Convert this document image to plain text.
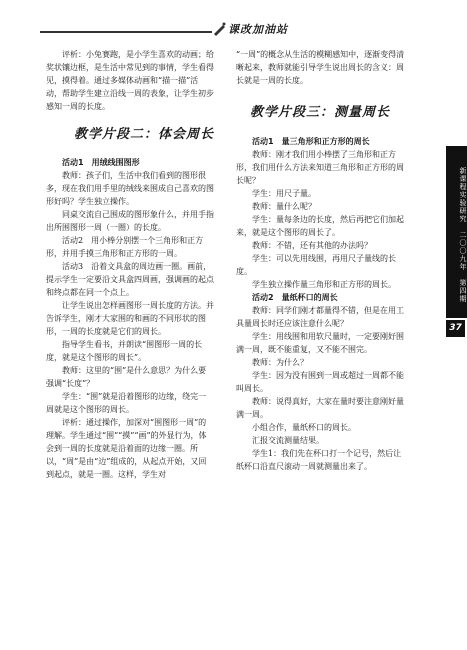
课改加油站

评析：小兔赛跑，是小学生喜欢的动画；给奖状镶边框，是生活中常见到的事情，学生看得见，摸得着。通过多媒体动画和“描一描”活动，帮助学生建立沿线一周的表象，让学生初步感知一周的长度。

教学片段二：体会周长

活动1　用绒线围图形

教师：孩子们，生活中我们看到的图形很多，现在我们用手里的绒线来围成自己喜欢的图形好吗？学生独立操作。

同桌交流自己围成的图形象什么，并用手指出所围图形一周（一圈）的长度。

活动2　用小棒分别摆一个三角形和正方形，并用手摸三角形和正方形的一周。

活动3　沿着文具盒的周边画一圈。画前，提示学生一定要沿文具盒四周画，强调画的起点和终点都在同一个点上。

让学生说出怎样画图形一周长度的方法。并告诉学生，刚才大家围的和画的不同形状的图形，一周的长度就是它们的周长。

指导学生看书，并朗读“围图形一周的长度，就是这个图形的周长”。

教师：这里的“围”是什么意思？为什么要强调“长度”？

学生：“围”就是沿着图形的边缘，绕完一周就是这个图形的周长。

评析：通过操作，加深对“围图形一周”的理解。学生通过“围”“摸”“画”的外显行为，体会到一周的长度就是沿着面的边缘一圈。所以，“周”是由“边”组成的，从起点开始，又回到起点，就是一圈。这样，学生对

“一周”的概念从生活的模糊感知中，逐渐变得清晰起来，教师就能引导学生说出周长的含义：周长就是一周的长度。

教学片段三：测量周长

活动1　量三角形和正方形的周长

教师：刚才我们用小棒摆了三角形和正方形，我们用什么方法来知道三角形和正方形的周长呢？

学生：用尺子量。

教师：量什么呢？

学生：量每条边的长度，然后再把它们加起来，就是这个图形的周长了。

教师：不错，还有其他的办法吗？

学生：可以先用线围，再用尺子量线的长度。

学生独立操作量三角形和正方形的周长。

活动2　量纸杯口的周长

教师：同学们刚才都量得不错，但是在用工具量周长时还应该注意什么呢？

学生：用线围和用软尺量时，一定要刚好围满一周，既不能重复，又不能不围完。

教师：为什么？

学生：因为没有围到一周或超过一周都不能叫周长。

教师：说得真好，大家在量时要注意刚好量满一周。

小组合作，量纸杯口的周长。

汇报交流测量结果。

学生1：我们先在杯口打一个记号，然后让纸杯口沿直尺滚动一周就测量出来了。

新课程实验研究　二〇〇九年　第四期
37
